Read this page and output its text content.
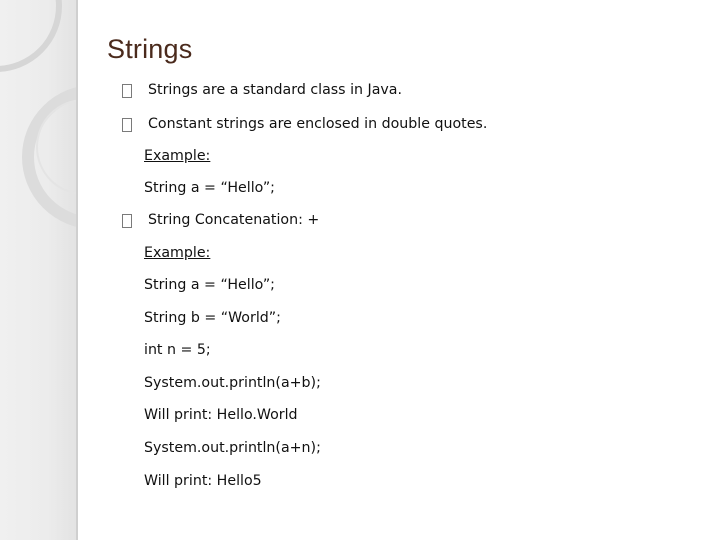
Strings
Strings are a standard class in Java.
Constant strings are enclosed in double quotes.
Example:
String a = “Hello”;
String Concatenation: +
Example:
String a = “Hello”;
String b = “World”;
int n = 5;
System.out.println(a+b);
Will print: Hello.World
System.out.println(a+n);
Will print: Hello5
